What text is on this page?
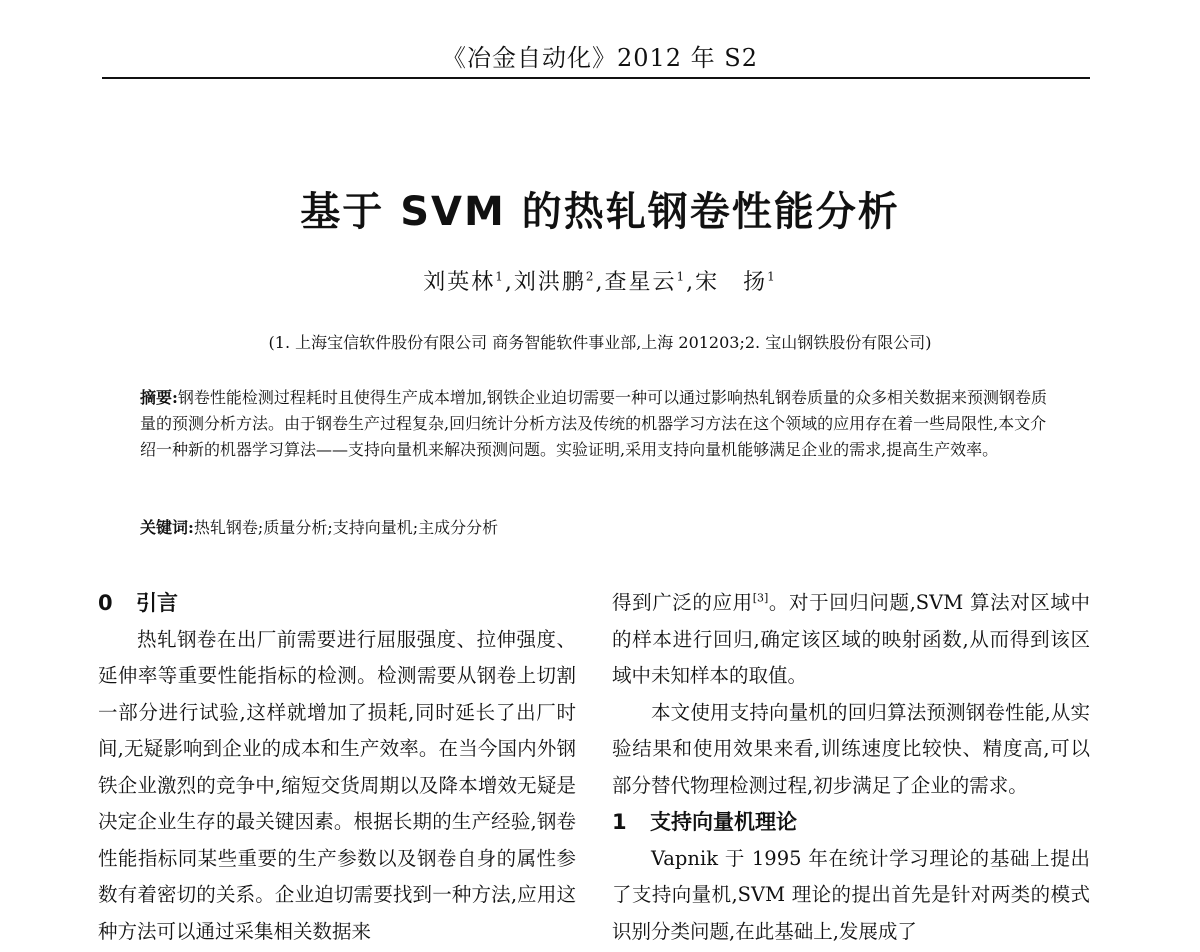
《冶金自动化》2012 年 S2
基于 SVM 的热轧钢卷性能分析
刘英林$^1$,刘洪鹏$^2$,查星云$^1$,宋　扬$^1$
(1. 上海宝信软件股份有限公司 商务智能软件事业部,上海 201203;2. 宝山钢铁股份有限公司)
摘要:钢卷性能检测过程耗时且使得生产成本增加,钢铁企业迫切需要一种可以通过影响热轧钢卷质量的众多相关数据来预测钢卷质量的预测分析方法。由于钢卷生产过程复杂,回归统计分析方法及传统的机器学习方法在这个领域的应用存在着一些局限性,本文介绍一种新的机器学习算法——支持向量机来解决预测问题。实验证明,采用支持向量机能够满足企业的需求,提高生产效率。
关键词:热轧钢卷;质量分析;支持向量机;主成分分析
0 引言

热轧钢卷在出厂前需要进行屈服强度、拉伸强度、延伸率等重要性能指标的检测。检测需要从钢卷上切割一部分进行试验,这样就增加了损耗,同时延长了出厂时间,无疑影响到企业的成本和生产效率。在当今国内外钢铁企业激烈的竞争中,缩短交货周期以及降本增效无疑是决定企业生存的最关键因素。根据长期的生产经验,钢卷性能指标同某些重要的生产参数以及钢卷自身的属性参数有着密切的关系。企业迫切需要找到一种方法,应用这种方法可以通过采集相关数据来

得到广泛的应用[3]。对于回归问题,SVM 算法对区域中的样本进行回归,确定该区域的映射函数,从而得到该区域中未知样本的取值。

本文使用支持向量机的回归算法预测钢卷性能,从实验结果和使用效果来看,训练速度比较快、精度高,可以部分替代物理检测过程,初步满足了企业的需求。

1 支持向量机理论

Vapnik 于 1995 年在统计学习理论的基础上提出了支持向量机,SVM 理论的提出首先是针对两类的模式识别分类问题,在此基础上,发展成了
